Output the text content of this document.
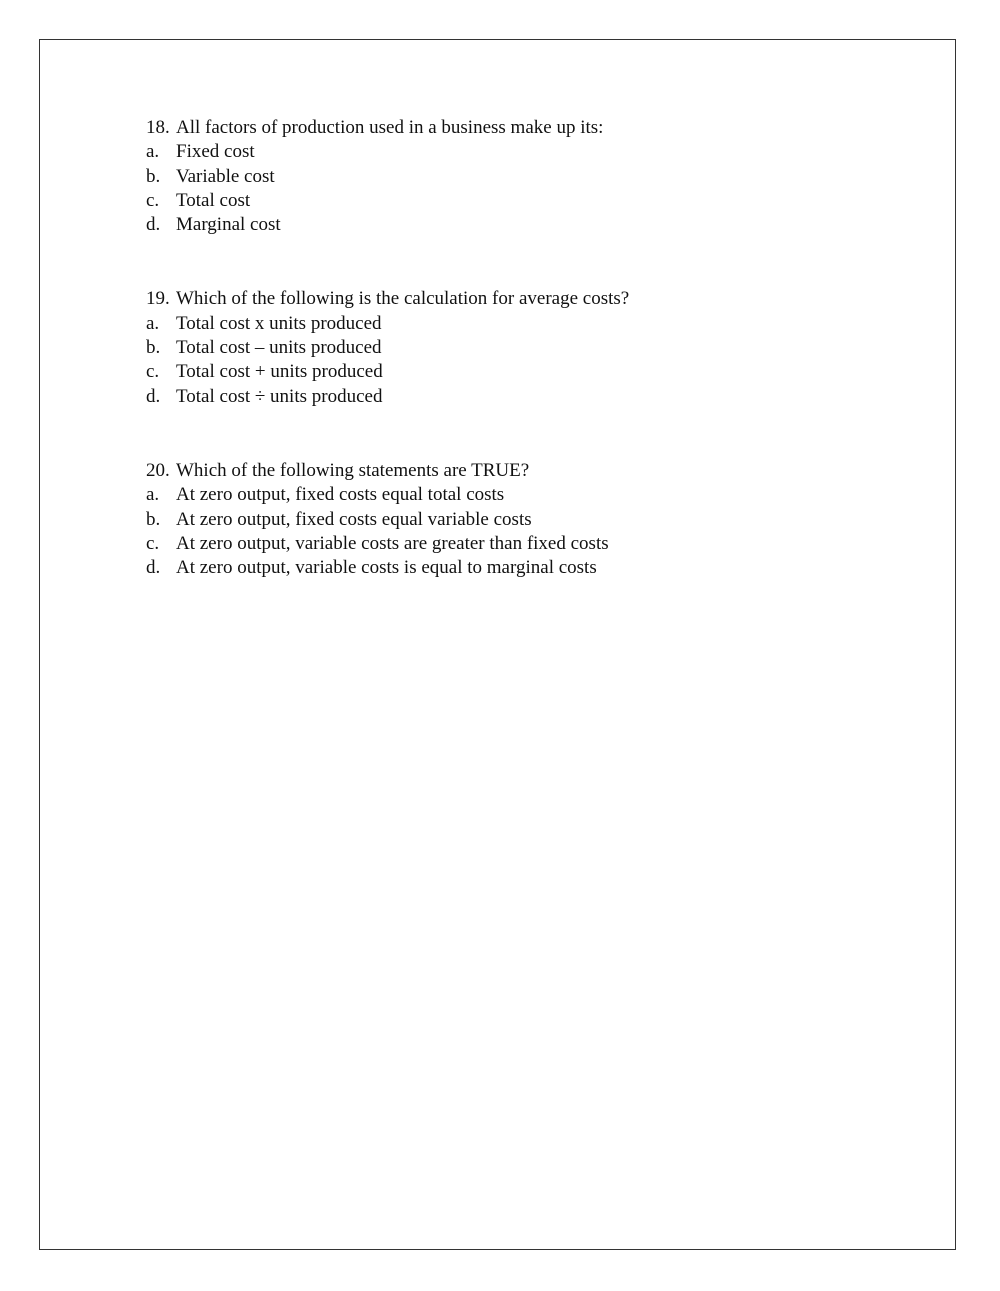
18. All factors of production used in a business make up its:
a. Fixed cost
b. Variable cost
c. Total cost
d. Marginal cost
19. Which of the following is the calculation for average costs?
a. Total cost x units produced
b. Total cost – units produced
c. Total cost + units produced
d. Total cost ÷ units produced
20. Which of the following statements are TRUE?
a. At zero output, fixed costs equal total costs
b. At zero output, fixed costs equal variable costs
c. At zero output, variable costs are greater than fixed costs
d. At zero output, variable costs is equal to marginal costs
